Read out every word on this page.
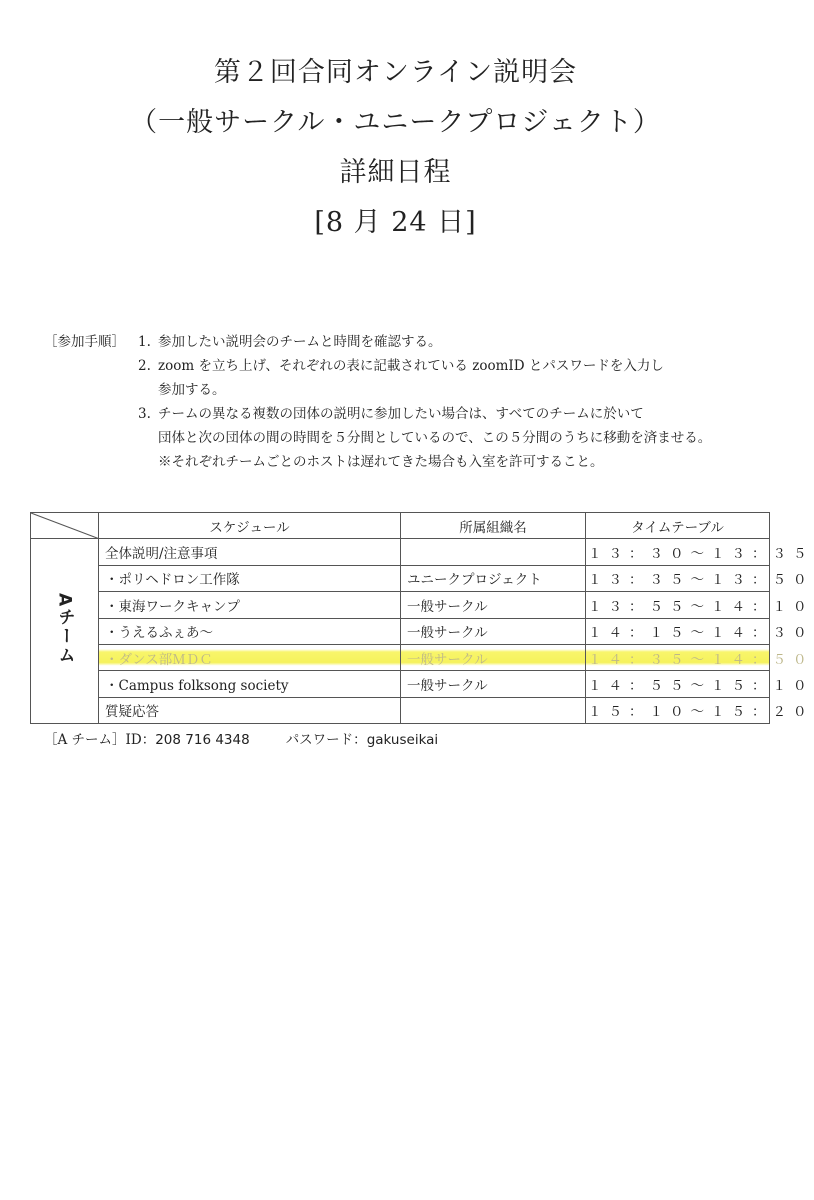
第２回合同オンライン説明会
（一般サークル・ユニークプロジェクト）
詳細日程
[8 月 24 日]
［参加手順］ 1. 参加したい説明会のチームと時間を確認する。
2. zoom を立ち上げ、それぞれの表に記載されている zoomID とパスワードを入力し
参加する。
3. チームの異なる複数の団体の説明に参加したい場合は、すべてのチームに於いて
団体と次の団体の間の時間を５分間としているので、この５分間のうちに移動を済ませる。
※それぞれチームごとのホストは遅れてきた場合も入室を許可すること。
	スケジュール	所属組織名	タイムテーブル
Aチーム	全体説明/注意事項		１３：３０〜１３：３５
	・ポリヘドロン工作隊	ユニークプロジェクト	１３：３５〜１３：５０
	・東海ワークキャンプ	一般サークル	１３：５５〜１４：１０
	・うえるふぇあ〜	一般サークル	１４：１５〜１４：３０
	・ダンス部ＭＤＣ	一般サークル	１４：３５〜１４：５０
	・Campus folksong society	一般サークル	１４：５５〜１５：１０
	質疑応答		１５：１０〜１５：２０
［A チーム］ID：208 716 4348	パスワード：gakuseikai
